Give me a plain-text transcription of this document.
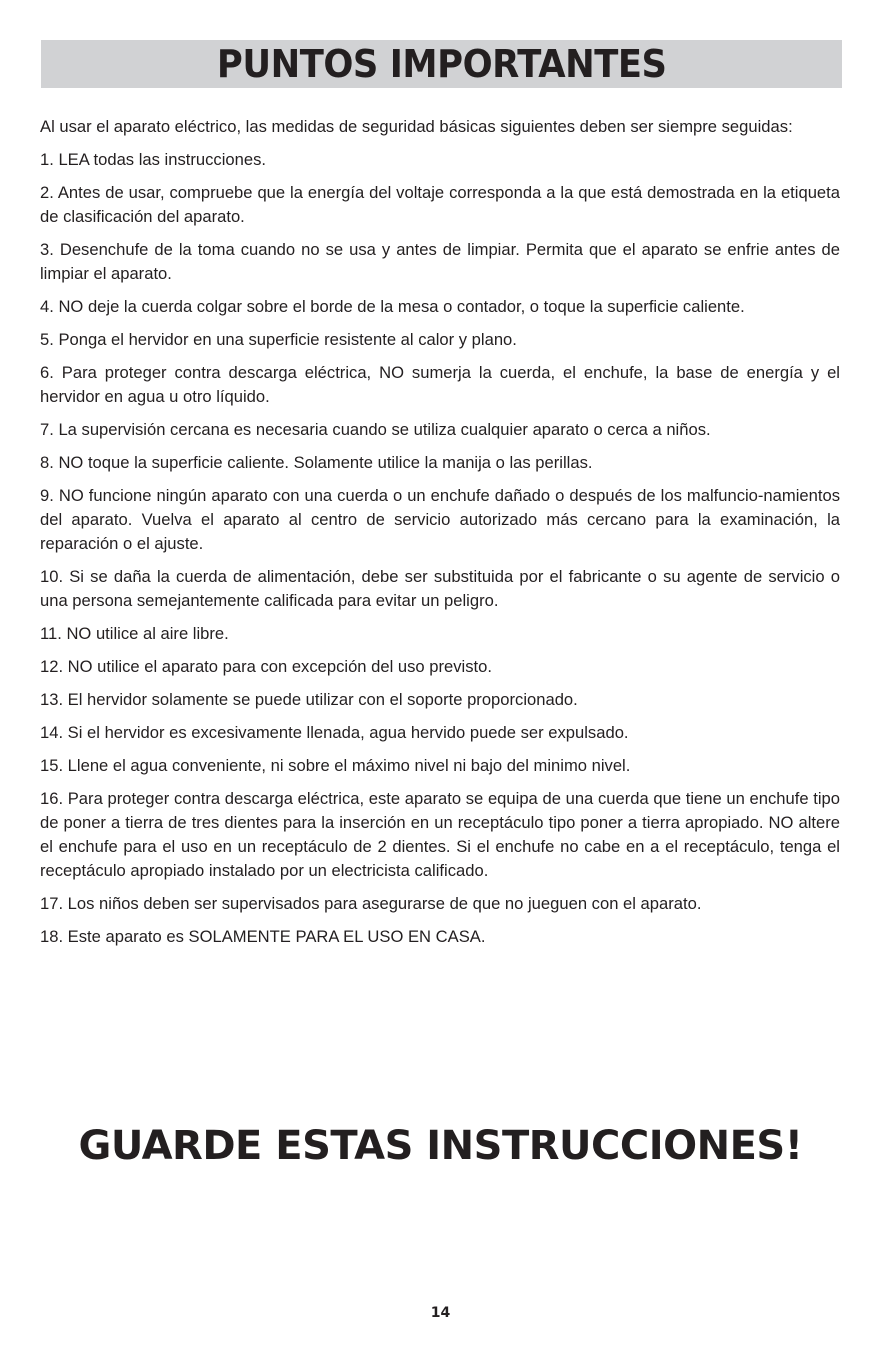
PUNTOS IMPORTANTES

Al usar el aparato eléctrico, las medidas de seguridad básicas siguientes deben ser siempre seguidas:

1. LEA todas las instrucciones.

2. Antes de usar, compruebe que la energía del voltaje corresponda a la que está demostrada en la etiqueta de clasificación del aparato.

3. Desenchufe de la toma cuando no se usa y antes de limpiar. Permita que el aparato se enfrie antes de limpiar el aparato.

4. NO deje la cuerda colgar sobre el borde de la mesa o contador, o toque la superficie caliente.

5. Ponga el hervidor en una superficie resistente al calor y plano.

6. Para proteger contra descarga eléctrica, NO sumerja la cuerda, el enchufe, la base de energía y el hervidor en agua u otro líquido.

7. La supervisión cercana es necesaria cuando se utiliza cualquier aparato o cerca a niños.

8. NO toque la superficie caliente. Solamente utilice la manija o las perillas.

9. NO funcione ningún aparato con una cuerda o un enchufe dañado o después de los malfuncio-namientos del aparato. Vuelva el aparato al centro de servicio autorizado más cercano para la examinación, la reparación o el ajuste.

10. Si se daña la cuerda de alimentación, debe ser substituida por el fabricante o su agente de servicio o una persona semejantemente calificada para evitar un peligro.

11. NO utilice al aire libre.

12. NO utilice el aparato para con excepción del uso previsto.

13. El hervidor solamente se puede utilizar con el soporte proporcionado.

14. Si el hervidor es excesivamente llenada, agua hervido puede ser expulsado.

15. Llene el agua conveniente, ni sobre el máximo nivel ni bajo del minimo nivel.

16. Para proteger contra descarga eléctrica, este aparato se equipa de una cuerda que tiene un enchufe tipo de poner a tierra de tres dientes para la inserción en un receptáculo tipo poner a tierra apropiado. NO altere el enchufe para el uso en un receptáculo de 2 dientes. Si el enchufe no cabe en a el receptáculo, tenga el receptáculo apropiado instalado por un electricista calificado.

17. Los niños deben ser supervisados para asegurarse de que no jueguen con el aparato.

18. Este aparato es SOLAMENTE PARA EL USO EN CASA.

GUARDE ESTAS INSTRUCCIONES!
14
